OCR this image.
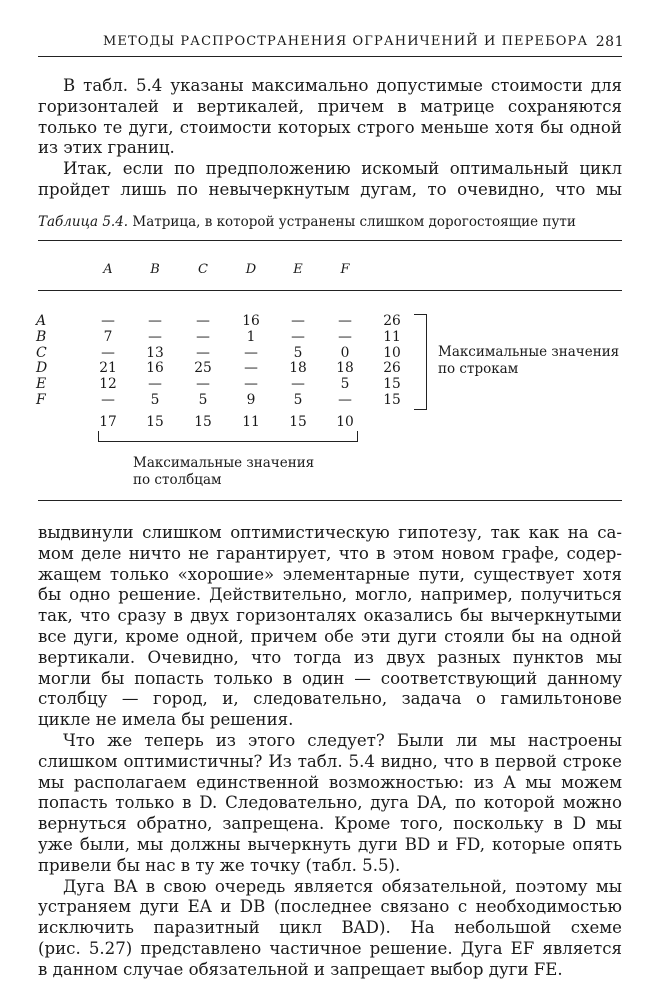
МЕТОДЫ РАСПРОСТРАНЕНИЯ ОГРАНИЧЕНИЙ И ПЕРЕБОРА 281

В табл. 5.4 указаны максимально допустимые стоимости для
горизонталей и вертикалей, причем в матрице сохраняются
только те дуги, стоимости которых строго меньше хотя бы одной
из этих границ.
Итак, если по предположению искомый оптимальный цикл
пройдет лишь по невычеркнутым дугам, то очевидно, что мы

Таблица 5.4. Матрица, в которой устранены слишком дорогостоящие пути
A	B	C	D	E	F
A	—	—	—	16	—	—	26
B	7	—	—	1	—	—	11
C	—	13	—	—	5	0	10
D	21	16	25	—	18	18	26
E	12	—	—	—	—	5	15
F	—	5	5	9	5	—	15
17	15	15	11	15	10
Максимальные значения
по строкам
Максимальные значения
по столбцам

выдвинули слишком оптимистическую гипотезу, так как на са-
мом деле ничто не гарантирует, что в этом новом графе, содер-
жащем только «хорошие» элементарные пути, существует хотя
бы одно решение. Действительно, могло, например, получиться
так, что сразу в двух горизонталях оказались бы вычеркнутыми
все дуги, кроме одной, причем обе эти дуги стояли бы на одной
вертикали. Очевидно, что тогда из двух разных пунктов мы
могли бы попасть только в один — соответствующий данному
столбцу — город, и, следовательно, задача о гамильтоновe
цикле не имела бы решения.
Что же теперь из этого следует? Были ли мы настроены
слишком оптимистичны? Из табл. 5.4 видно, что в первой строке
мы располагаем единственной возможностью: из A мы можем
попасть только в D. Следовательно, дуга DA, по которой можно
вернуться обратно, запрещена. Кроме того, поскольку в D мы
уже были, мы должны вычеркнуть дуги BD и FD, которые опять
привели бы нас в ту же точку (табл. 5.5).
Дуга BA в свою очередь является обязательной, поэтому мы
устраняем дуги EA и DB (последнее связано с необходимостью
исключить паразитный цикл BAD). На небольшой схеме
(рис. 5.27) представлено частичное решение. Дуга EF является
в данном случае обязательной и запрещает выбор дуги FE.
